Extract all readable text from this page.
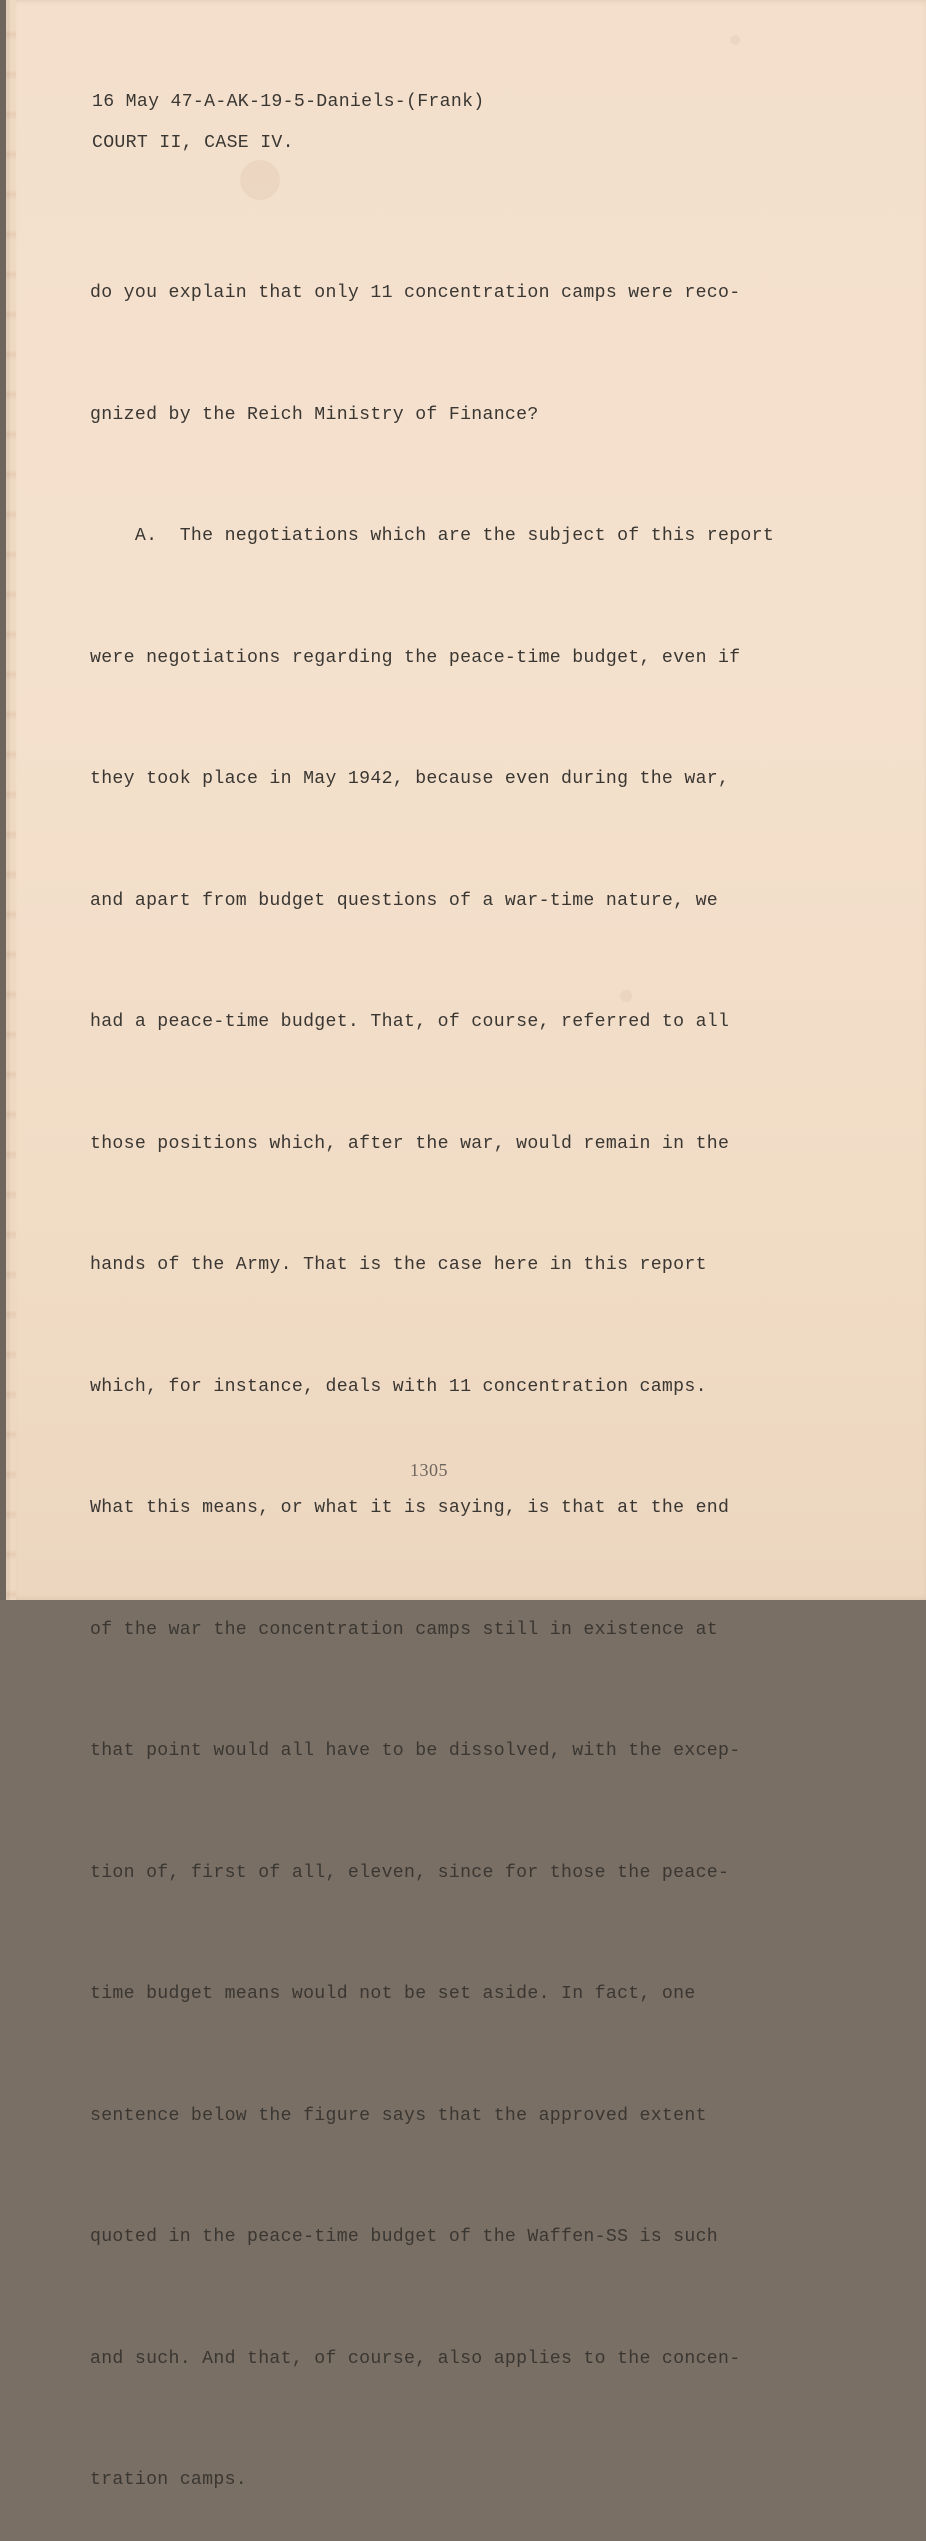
16 May 47-A-AK-19-5-Daniels-(Frank)
COURT II, CASE IV.

do you explain that only 11 concentration camps were reco-

gnized by the Reich Ministry of Finance?

A.  The negotiations which are the subject of this report

were negotiations regarding the peace-time budget, even if

they took place in May 1942, because even during the war,

and apart from budget questions of a war-time nature, we

had a peace-time budget. That, of course, referred to all

those positions which, after the war, would remain in the

hands of the Army. That is the case here in this report

which, for instance, deals with 11 concentration camps.

What this means, or what it is saying, is that at the end

of the war the concentration camps still in existence at

that point would all have to be dissolved, with the excep-

tion of, first of all, eleven, since for those the peace-

time budget means would not be set aside. In fact, one

sentence below the figure says that the approved extent

quoted in the peace-time budget of the Waffen-SS is such

and such. And that, of course, also applies to the concen-

tration camps.

1305
